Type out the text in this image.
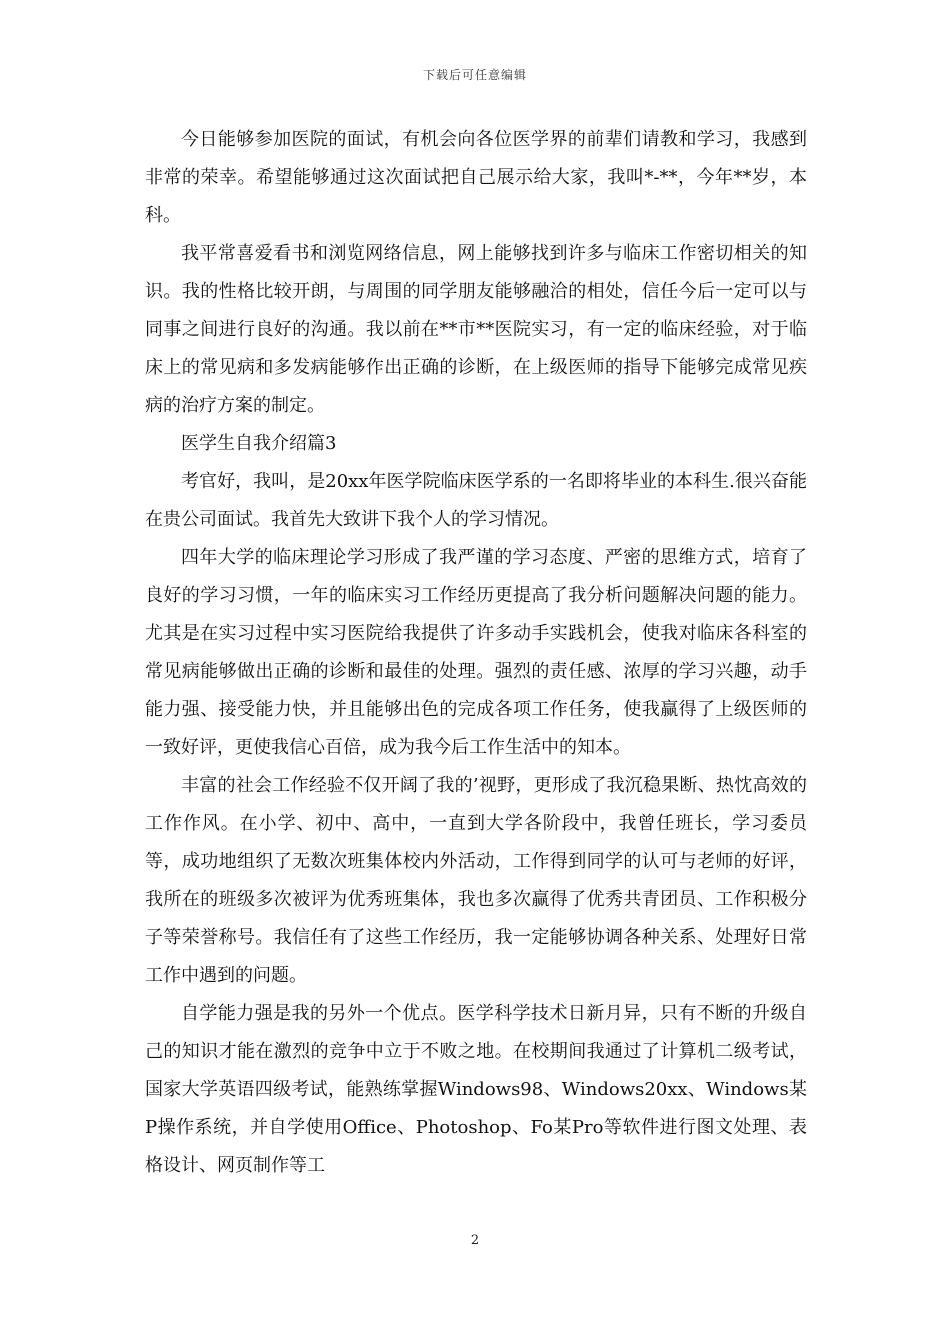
下载后可任意编辑

今日能够参加医院的面试，有机会向各位医学界的前辈们请教和学习，我感到非常的荣幸。希望能够通过这次面试把自己展示给大家，我叫*-**，今年**岁，本科。

我平常喜爱看书和浏览网络信息，网上能够找到许多与临床工作密切相关的知识。我的性格比较开朗，与周围的同学朋友能够融洽的相处，信任今后一定可以与同事之间进行良好的沟通。我以前在**市**医院实习，有一定的临床经验，对于临床上的常见病和多发病能够作出正确的诊断，在上级医师的指导下能够完成常见疾病的治疗方案的制定。

医学生自我介绍篇3

考官好，我叫，是20xx年医学院临床医学系的一名即将毕业的本科生.很兴奋能在贵公司面试。我首先大致讲下我个人的学习情况。

四年大学的临床理论学习形成了我严谨的学习态度、严密的思维方式，培育了良好的学习习惯，一年的临床实习工作经历更提高了我分析问题解决问题的能力。尤其是在实习过程中实习医院给我提供了许多动手实践机会，使我对临床各科室的常见病能够做出正确的诊断和最佳的处理。强烈的责任感、浓厚的学习兴趣，动手能力强、接受能力快，并且能够出色的完成各项工作任务，使我赢得了上级医师的一致好评，更使我信心百倍，成为我今后工作生活中的知本。

丰富的社会工作经验不仅开阔了我的’视野，更形成了我沉稳果断、热忱高效的工作作风。在小学、初中、高中，一直到大学各阶段中，我曾任班长，学习委员等，成功地组织了无数次班集体校内外活动，工作得到同学的认可与老师的好评，我所在的班级多次被评为优秀班集体，我也多次赢得了优秀共青团员、工作积极分子等荣誉称号。我信任有了这些工作经历，我一定能够协调各种关系、处理好日常工作中遇到的问题。

自学能力强是我的另外一个优点。医学科学技术日新月异，只有不断的升级自己的知识才能在激烈的竞争中立于不败之地。在校期间我通过了计算机二级考试，国家大学英语四级考试，能熟练掌握Windows98、Windows20xx、Windows某P操作系统，并自学使用Office、Photoshop、Fo某Pro等软件进行图文处理、表格设计、网页制作等工

2
